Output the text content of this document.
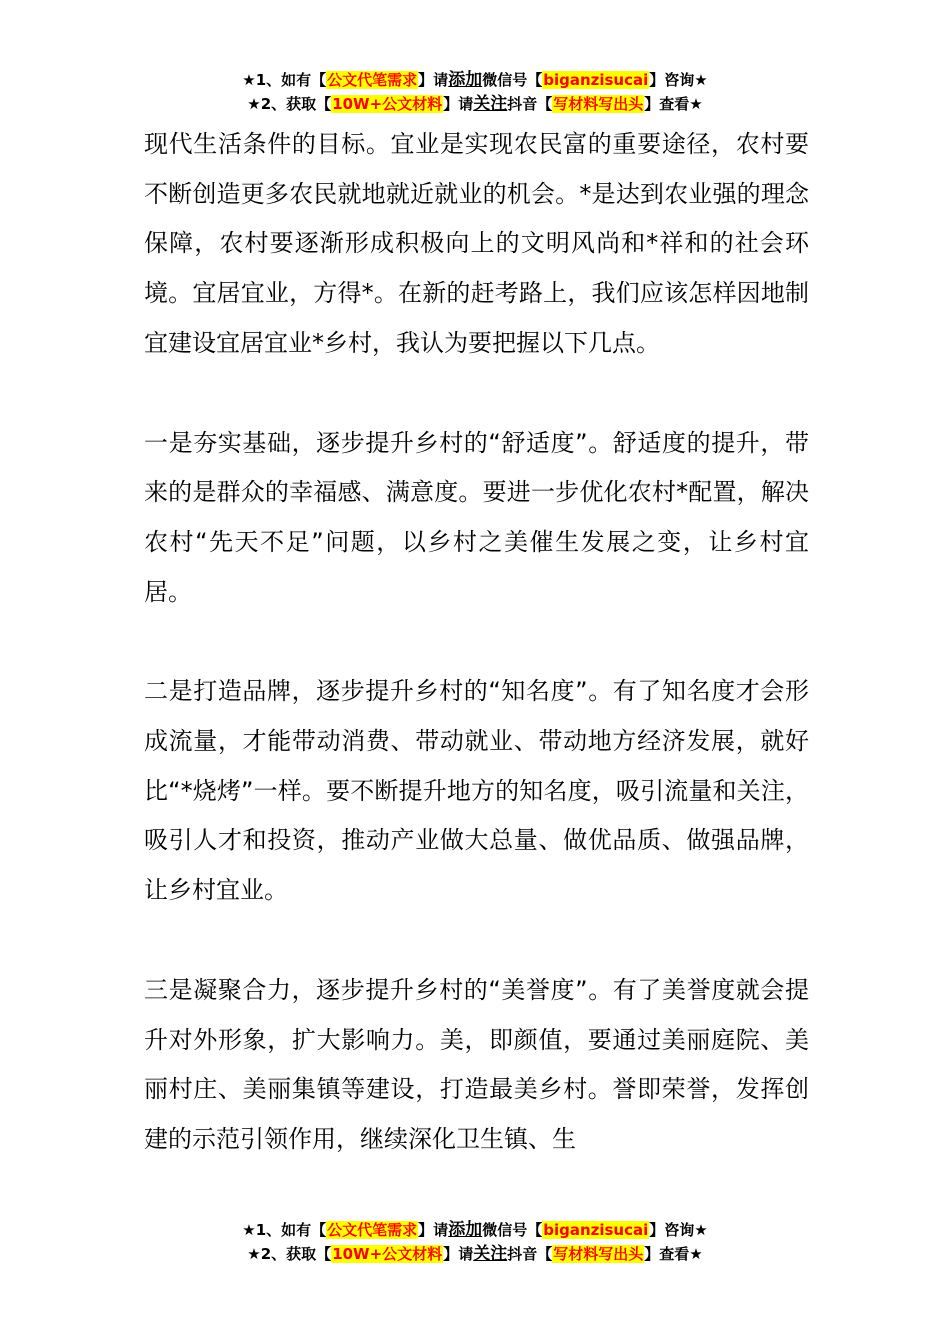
★1、如有【公文代笔需求】请添加微信号【biganzisucai】咨询★
★2、获取【10W+公文材料】请关注抖音【写材料写出头】查看★

现代生活条件的目标。宜业是实现农民富的重要途径，农村要不断创造更多农民就地就近就业的机会。*是达到农业强的理念保障，农村要逐渐形成积极向上的文明风尚和*祥和的社会环境。宜居宜业，方得*。在新的赶考路上，我们应该怎样因地制宜建设宜居宜业*乡村，我认为要把握以下几点。

一是夯实基础，逐步提升乡村的“舒适度”。舒适度的提升，带来的是群众的幸福感、满意度。要进一步优化农村*配置，解决农村“先天不足”问题，以乡村之美催生发展之变，让乡村宜居。

二是打造品牌，逐步提升乡村的“知名度”。有了知名度才会形成流量，才能带动消费、带动就业、带动地方经济发展，就好比“*烧烤”一样。要不断提升地方的知名度，吸引流量和关注，吸引人才和投资，推动产业做大总量、做优品质、做强品牌，让乡村宜业。

三是凝聚合力，逐步提升乡村的“美誉度”。有了美誉度就会提升对外形象，扩大影响力。美，即颜值，要通过美丽庭院、美丽村庄、美丽集镇等建设，打造最美乡村。誉即荣誉，发挥创建的示范引领作用，继续深化卫生镇、生

★1、如有【公文代笔需求】请添加微信号【biganzisucai】咨询★
★2、获取【10W+公文材料】请关注抖音【写材料写出头】查看★
